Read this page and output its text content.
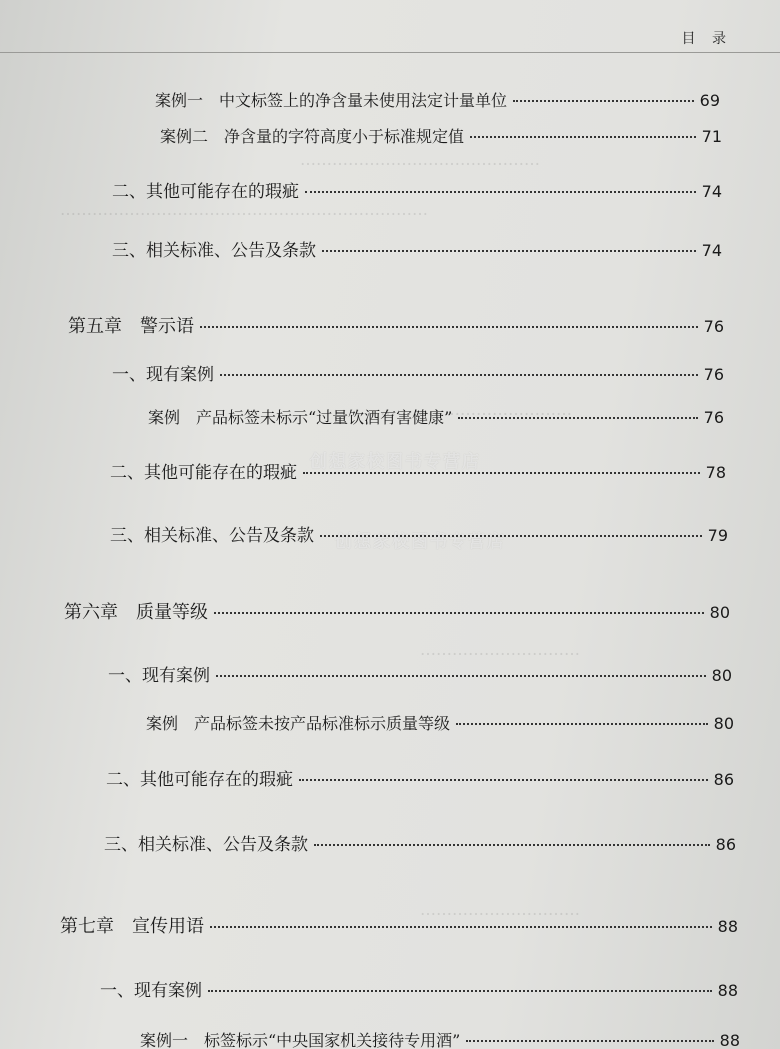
目 录
………………………………………
……………………………………………………………
………………………………
…………………………
…………………………
创想家校图书专营店
创想家校图书专营店
案例一　中文标签上的净含量未使用法定计量单位	69
案例二　净含量的字符高度小于标准规定值	71
二、其他可能存在的瑕疵	74
三、相关标准、公告及条款	74
第五章　警示语	76
一、现有案例	76
案例　产品标签未标示“过量饮酒有害健康”	76
二、其他可能存在的瑕疵	78
三、相关标准、公告及条款	79
第六章　质量等级	80
一、现有案例	80
案例　产品标签未按产品标准标示质量等级	80
二、其他可能存在的瑕疵	86
三、相关标准、公告及条款	86
第七章　宣传用语	88
一、现有案例	88
案例一　标签标示“中央国家机关接待专用酒”	88
